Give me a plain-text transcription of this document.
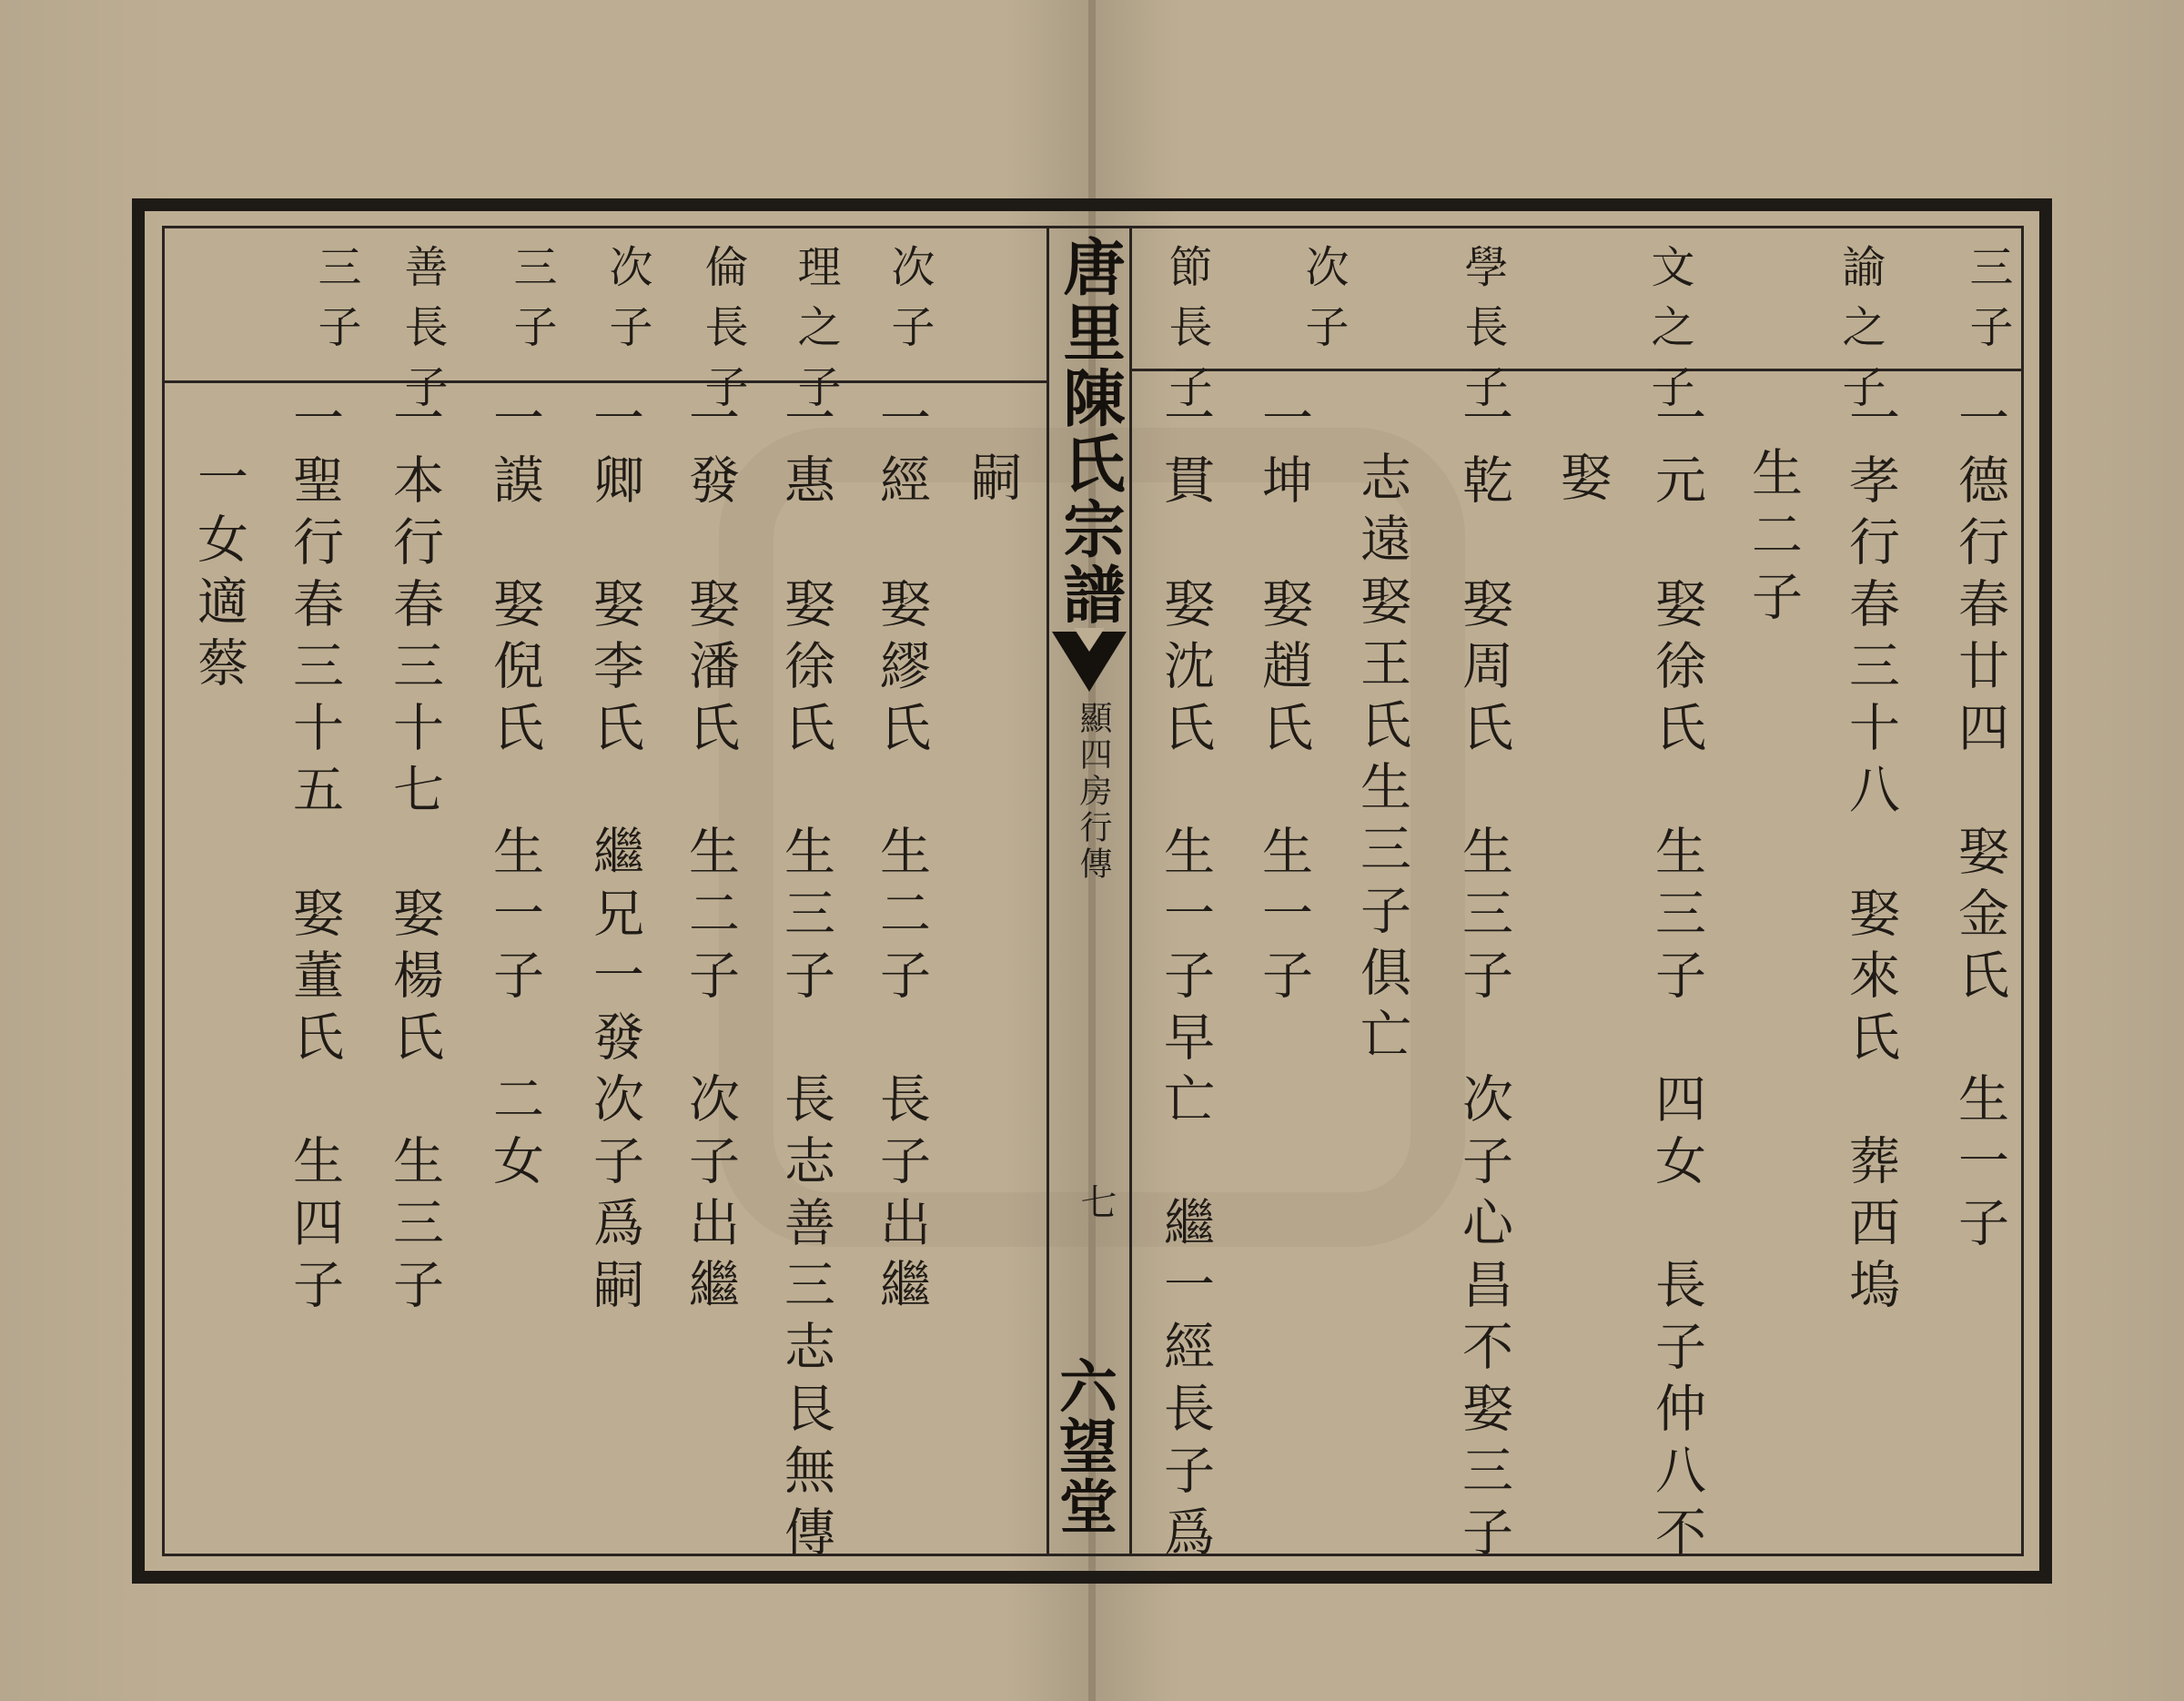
唐里陳氏宗譜
顯四房行傳
七
六望堂
三子
諭之子
文之子
學長子
次子
節長子
一德行春廿四　娶金氏　生一子
一孝行春三十八　娶來氏　葬西塢
生二子
一元　娶徐氏　生三子　四女　長子仲八不
娶
一乾　娶周氏　生三子　次子心昌不娶三子
志遠娶王氏生三子俱亡
一坤　娶趙氏　生一子
一貫　娶沈氏　生一子早亡　繼一經長子爲
次子
理之子
倫長子
次子
三子
善長子
三子
嗣
一經　娶繆氏　生二子　長子出繼
一惠　娶徐氏　生三子　長志善三志艮無傳
一發　娶潘氏　生二子　次子出繼
一卿　娶李氏　繼兄一發次子爲嗣
一謨　娶倪氏　生一子　二女
一本行春三十七　娶楊氏　生三子
一聖行春三十五　娶董氏　生四子
一女適蔡
